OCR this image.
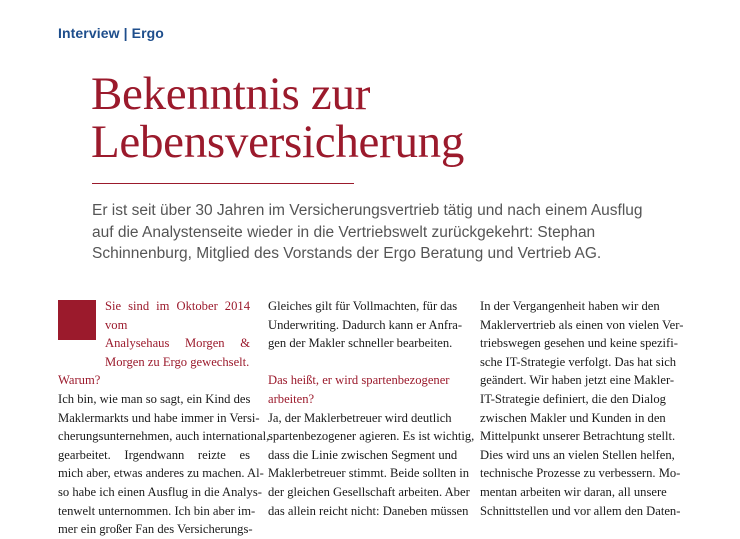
Interview | Ergo
Bekenntnis zur
Lebensversicherung

Er ist seit über 30 Jahren im Versicherungsvertrieb tätig und nach einem Ausflug

auf die Analystenseite wieder in die Vertriebswelt zurückgekehrt: Stephan

Schinnenburg, Mitglied des Vorstands der Ergo Beratung und Vertrieb AG.

Sie sind im Oktober 2014 vom

Analysehaus Morgen &

Morgen zu Ergo gewechselt.

Warum?

Ich bin, wie man so sagt, ein Kind des

Maklermarkts und habe immer in Versi-

cherungsunternehmen, auch international,

gearbeitet. Irgendwann reizte es

mich aber, etwas anderes zu machen. Al-

so habe ich einen Ausflug in die Analys-

tenwelt unternommen. Ich bin aber im-

mer ein großer Fan des Versicherungs-

Gleiches gilt für Vollmachten, für das

Underwriting. Dadurch kann er Anfra-

gen der Makler schneller bearbeiten.

Das heißt, er wird spartenbezogener

arbeiten?

Ja, der Maklerbetreuer wird deutlich

spartenbezogener agieren. Es ist wichtig,

dass die Linie zwischen Segment und

Maklerbetreuer stimmt. Beide sollten in

der gleichen Gesellschaft arbeiten. Aber

das allein reicht nicht: Daneben müssen

In der Vergangenheit haben wir den

Maklervertrieb als einen von vielen Ver-

triebswegen gesehen und keine spezifi-

sche IT-Strategie verfolgt. Das hat sich

geändert. Wir haben jetzt eine Makler-

IT-Strategie definiert, die den Dialog

zwischen Makler und Kunden in den

Mittelpunkt unserer Betrachtung stellt.

Dies wird uns an vielen Stellen helfen,

technische Prozesse zu verbessern. Mo-

mentan arbeiten wir daran, all unsere

Schnittstellen und vor allem den Daten-
